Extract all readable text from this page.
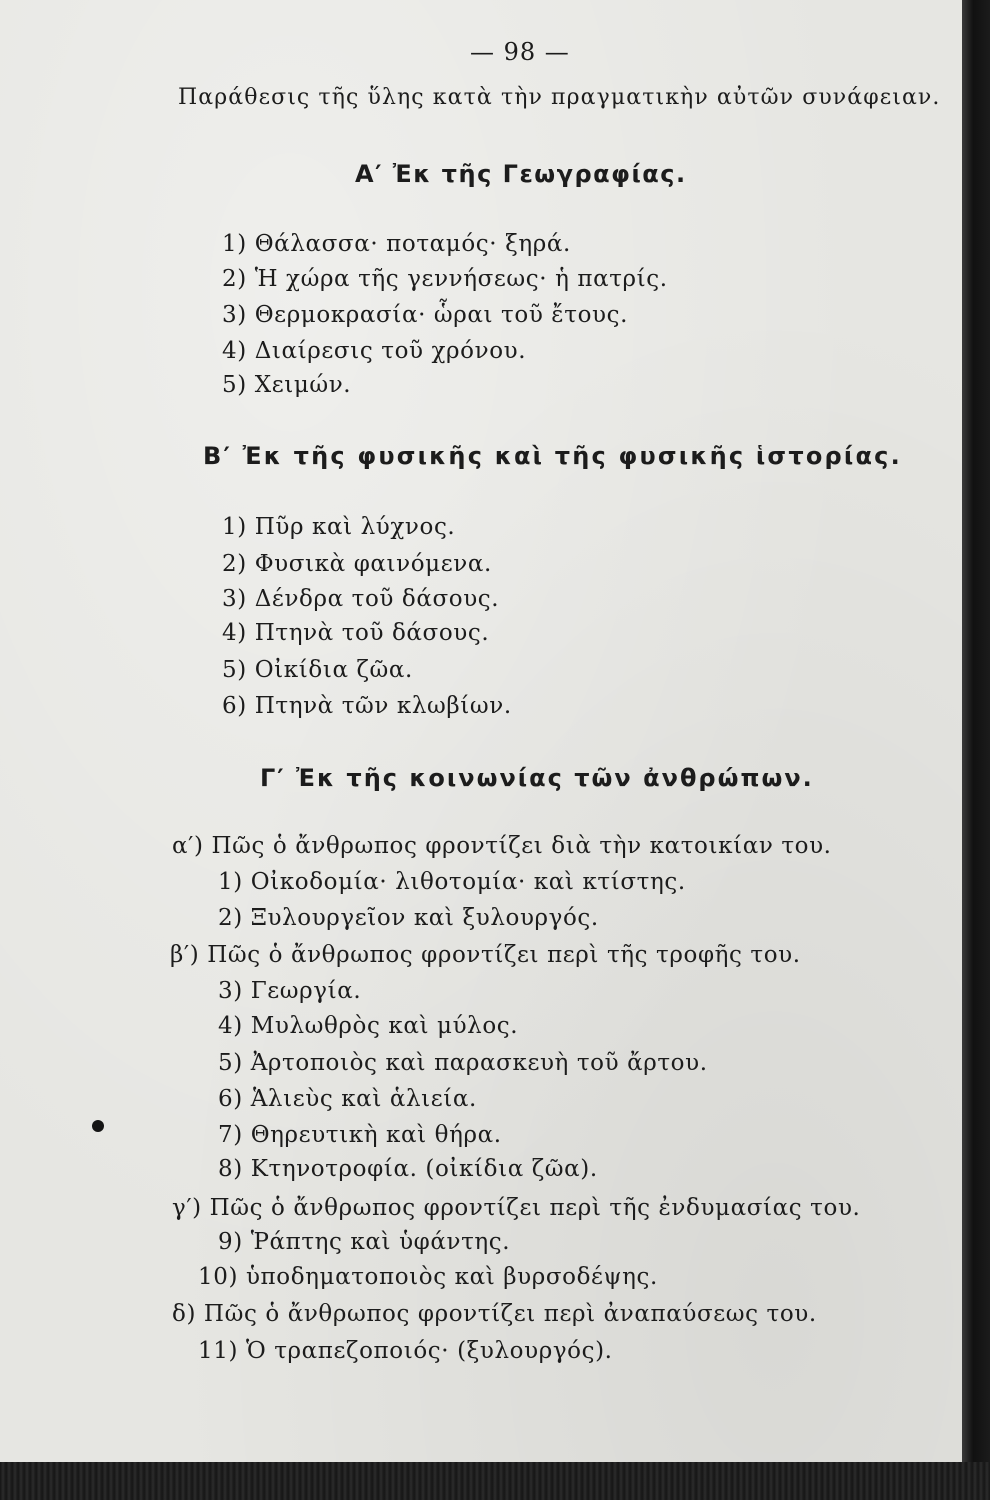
— 98 —
Παράθεσις τῆς ὕλης κατὰ τὴν πραγματικὴν αὐτῶν συνάφειαν.
Α′ Ἐκ τῆς Γεωγραφίας.
1) Θάλασσα· ποταμός· ξηρά.
2) Ἡ χώρα τῆς γεννήσεως· ἡ πατρίς.
3) Θερμοκρασία· ὧραι τοῦ ἔτους.
4) Διαίρεσις τοῦ χρόνου.
5) Χειμών.
Β′ Ἐκ τῆς φυσικῆς καὶ τῆς φυσικῆς ἱστορίας.
1) Πῦρ καὶ λύχνος.
2) Φυσικὰ φαινόμενα.
3) Δένδρα τοῦ δάσους.
4) Πτηνὰ τοῦ δάσους.
5) Οἰκίδια ζῶα.
6) Πτηνὰ τῶν κλωβίων.
Γ′ Ἐκ τῆς κοινωνίας τῶν ἀνθρώπων.
α′) Πῶς ὁ ἄνθρωπος φροντίζει διὰ τὴν κατοικίαν του.
1) Οἰκοδομία· λιθοτομία· καὶ κτίστης.
2) Ξυλουργεῖον καὶ ξυλουργός.
β′) Πῶς ὁ ἄνθρωπος φροντίζει περὶ τῆς τροφῆς του.
3) Γεωργία.
4) Μυλωθρὸς καὶ μύλος.
5) Ἀρτοποιὸς καὶ παρασκευὴ τοῦ ἄρτου.
6) Ἁλιεὺς καὶ ἁλιεία.
7) Θηρευτικὴ καὶ θήρα.
8) Κτηνοτροφία. (οἰκίδια ζῶα).
γ′) Πῶς ὁ ἄνθρωπος φροντίζει περὶ τῆς ἐνδυμασίας του.
9) Ῥάπτης καὶ ὑφάντης.
10) ὑποδηματοποιὸς καὶ βυρσοδέψης.
δ) Πῶς ὁ ἄνθρωπος φροντίζει περὶ ἀναπαύσεως του.
11) Ὁ τραπεζοποιός· (ξυλουργός).
